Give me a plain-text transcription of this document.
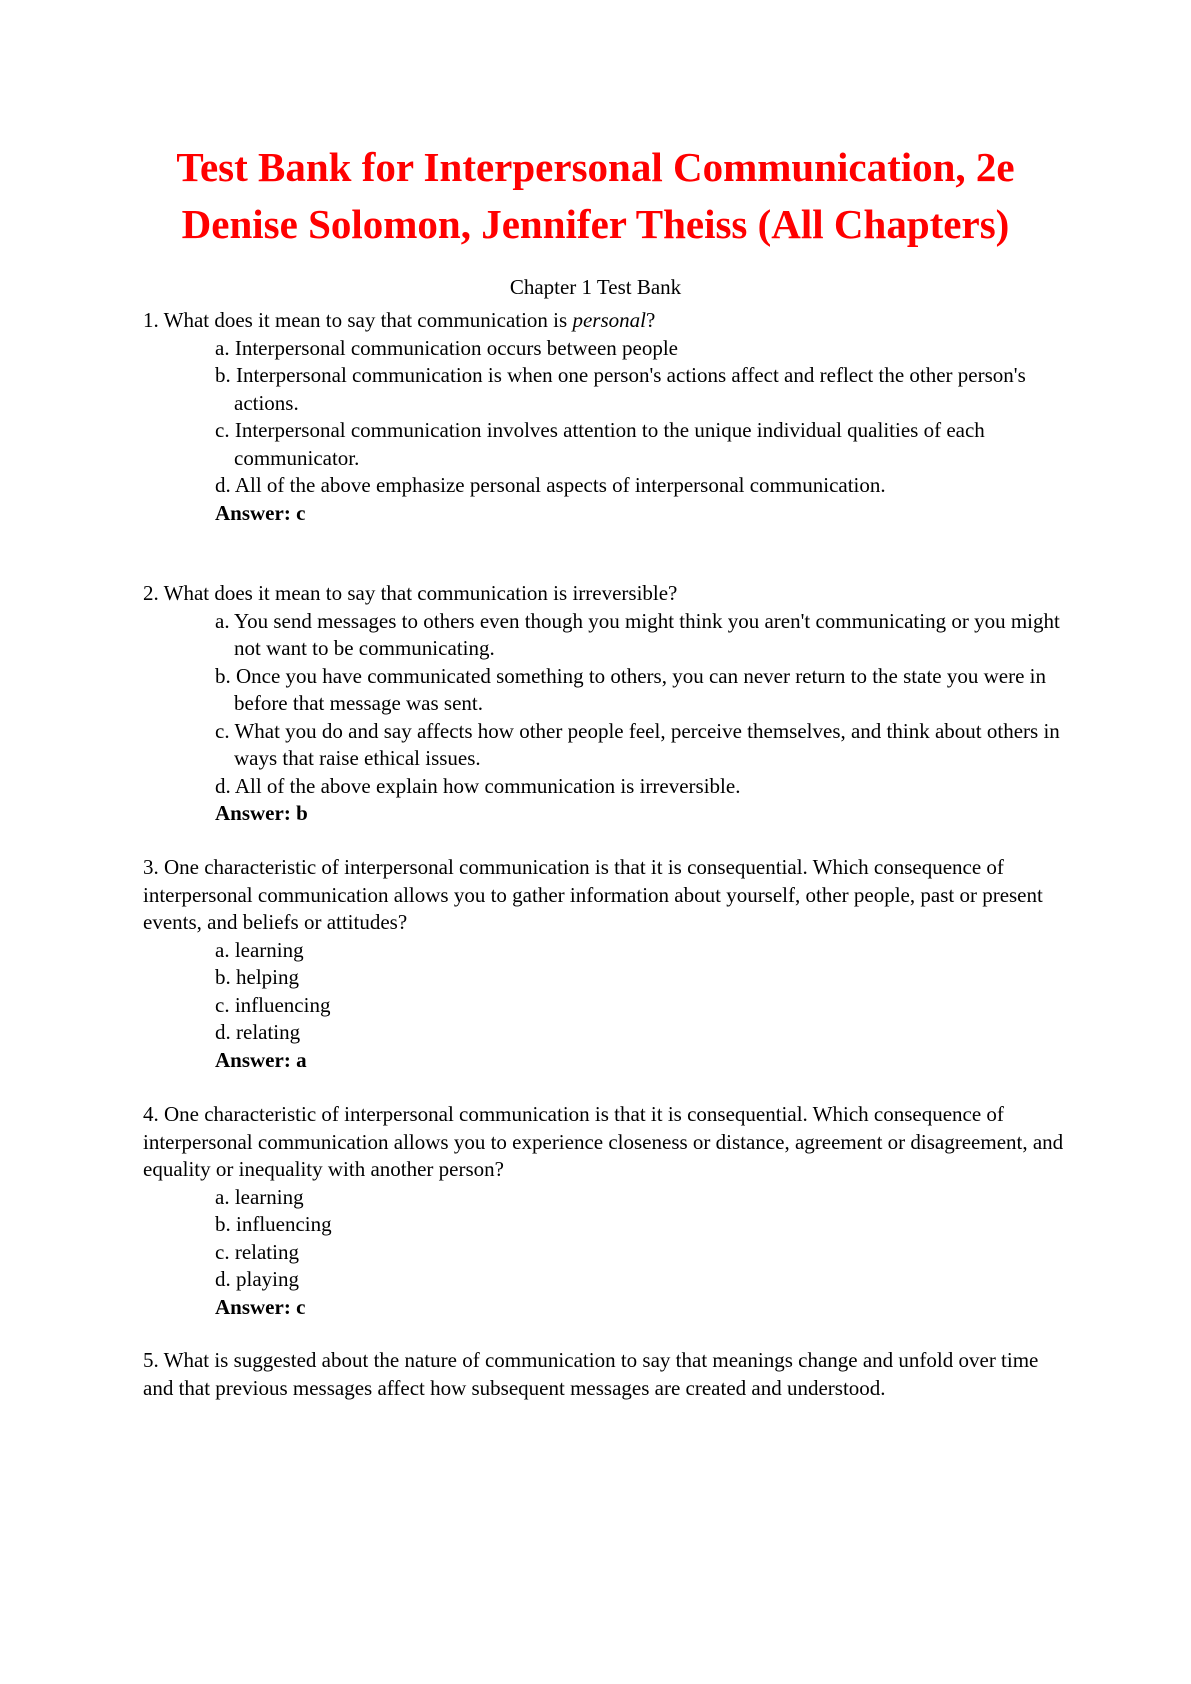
Test Bank for Interpersonal Communication, 2e
Denise Solomon, Jennifer Theiss (All Chapters)
Chapter 1 Test Bank

1. What does it mean to say that communication is personal?

a. Interpersonal communication occurs between people
b. Interpersonal communication is when one person's actions affect and reflect the other person's actions.
c. Interpersonal communication involves attention to the unique individual qualities of each communicator.
d. All of the above emphasize personal aspects of interpersonal communication.
Answer: c

2. What does it mean to say that communication is irreversible?

a. You send messages to others even though you might think you aren't communicating or you might not want to be communicating.
b. Once you have communicated something to others, you can never return to the state you were in before that message was sent.
c. What you do and say affects how other people feel, perceive themselves, and think about others in ways that raise ethical issues.
d. All of the above explain how communication is irreversible.
Answer: b

3. One characteristic of interpersonal communication is that it is consequential. Which consequence of interpersonal communication allows you to gather information about yourself, other people, past or present events, and beliefs or attitudes?

a. learning
b. helping
c. influencing
d. relating
Answer: a

4. One characteristic of interpersonal communication is that it is consequential. Which consequence of interpersonal communication allows you to experience closeness or distance, agreement or disagreement, and equality or inequality with another person?

a. learning
b. influencing
c. relating
d. playing
Answer: c

5. What is suggested about the nature of communication to say that meanings change and unfold over time and that previous messages affect how subsequent messages are created and understood.
